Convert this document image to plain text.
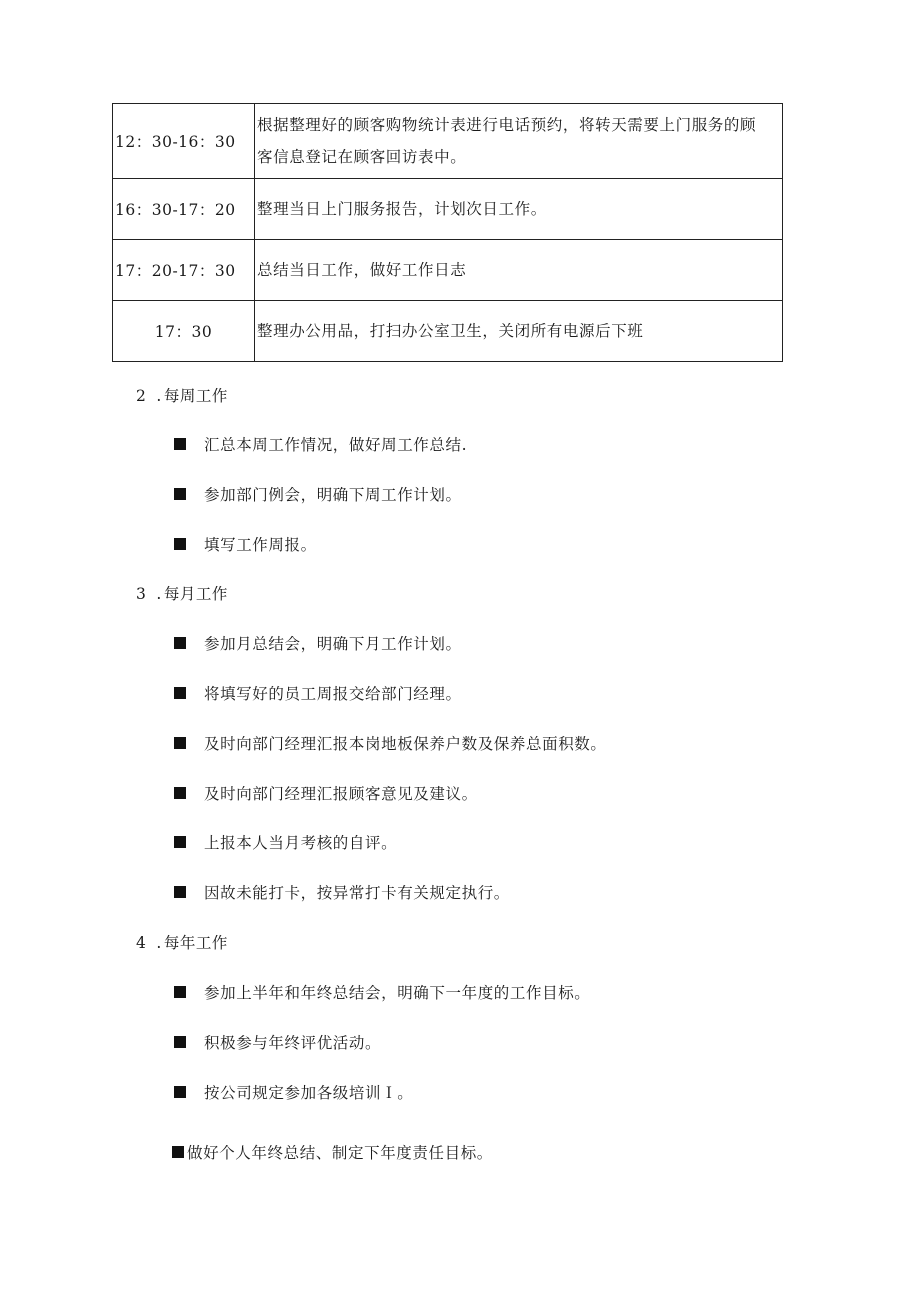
12：30-16：30	根据整理好的顾客购物统计表进行电话预约，将转天需要上门服务的顾
客信息登记在顾客回访表中。
16：30-17：20	整理当日上门服务报告，计划次日工作。
17：20-17：30	总结当日工作，做好工作日志
17：30	整理办公用品，打扫办公室卫生，关闭所有电源后下班
2 . 每周工作
汇总本周工作情况，做好周工作总结.
参加部门例会，明确下周工作计划。
填写工作周报。
3 . 每月工作
参加月总结会，明确下月工作计划。
将填写好的员工周报交给部门经理。
及时向部门经理汇报本岗地板保养户数及保养总面积数。
及时向部门经理汇报顾客意见及建议。
上报本人当月考核的自评。
因故未能打卡，按异常打卡有关规定执行。
4 . 每年工作
参加上半年和年终总结会，明确下一年度的工作目标。
积极参与年终评优活动。
按公司规定参加各级培训Ｉ。
做好个人年终总结、制定下年度责任目标。
